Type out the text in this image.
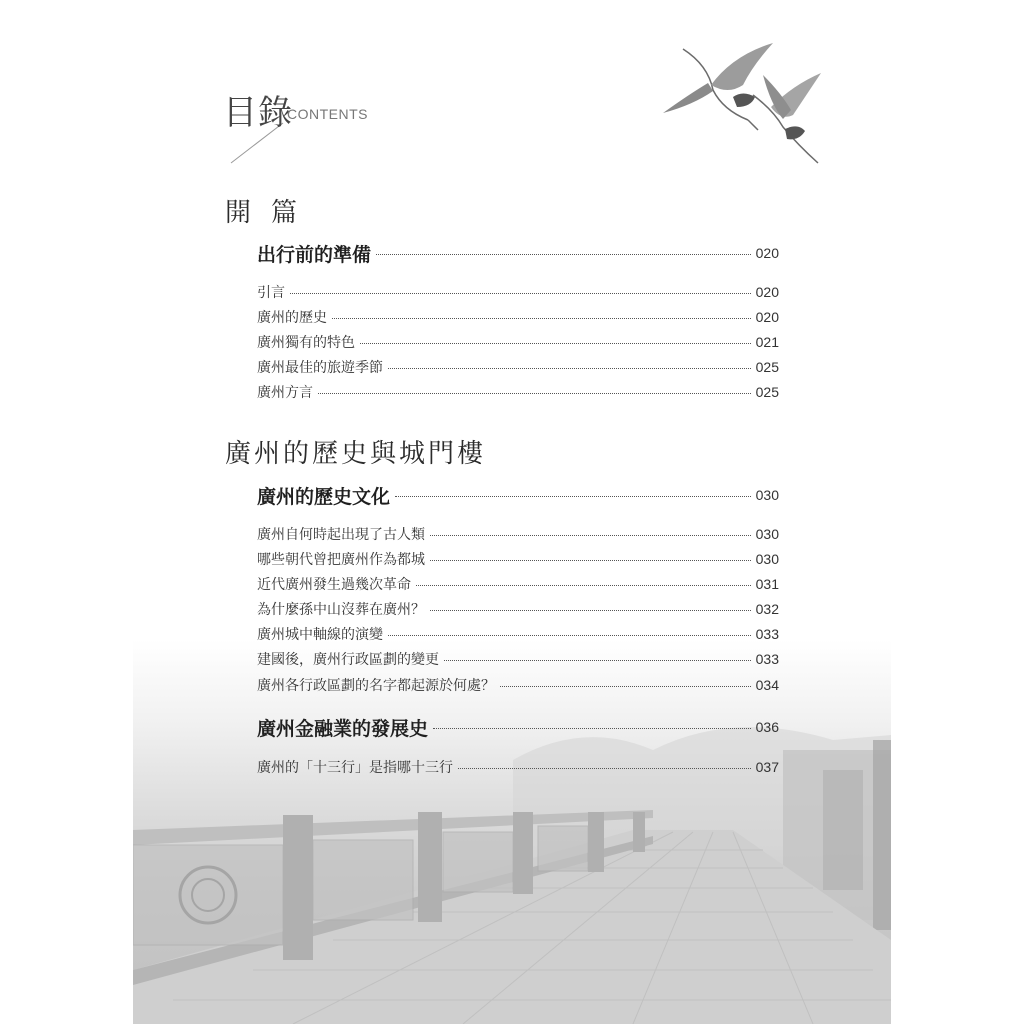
目錄
CONTENTS
開篇
出行前的準備	020
引言	020
廣州的歷史	020
廣州獨有的特色	021
廣州最佳的旅遊季節	025
廣州方言	025
廣州的歷史與城門樓
廣州的歷史文化	030
廣州自何時起出現了古人類	030
哪些朝代曾把廣州作為都城	030
近代廣州發生過幾次革命	031
為什麼孫中山沒葬在廣州？	032
廣州城中軸線的演變	033
建國後，廣州行政區劃的變更	033
廣州各行政區劃的名字都起源於何處？	034
廣州金融業的發展史	036
廣州的「十三行」是指哪十三行	037
